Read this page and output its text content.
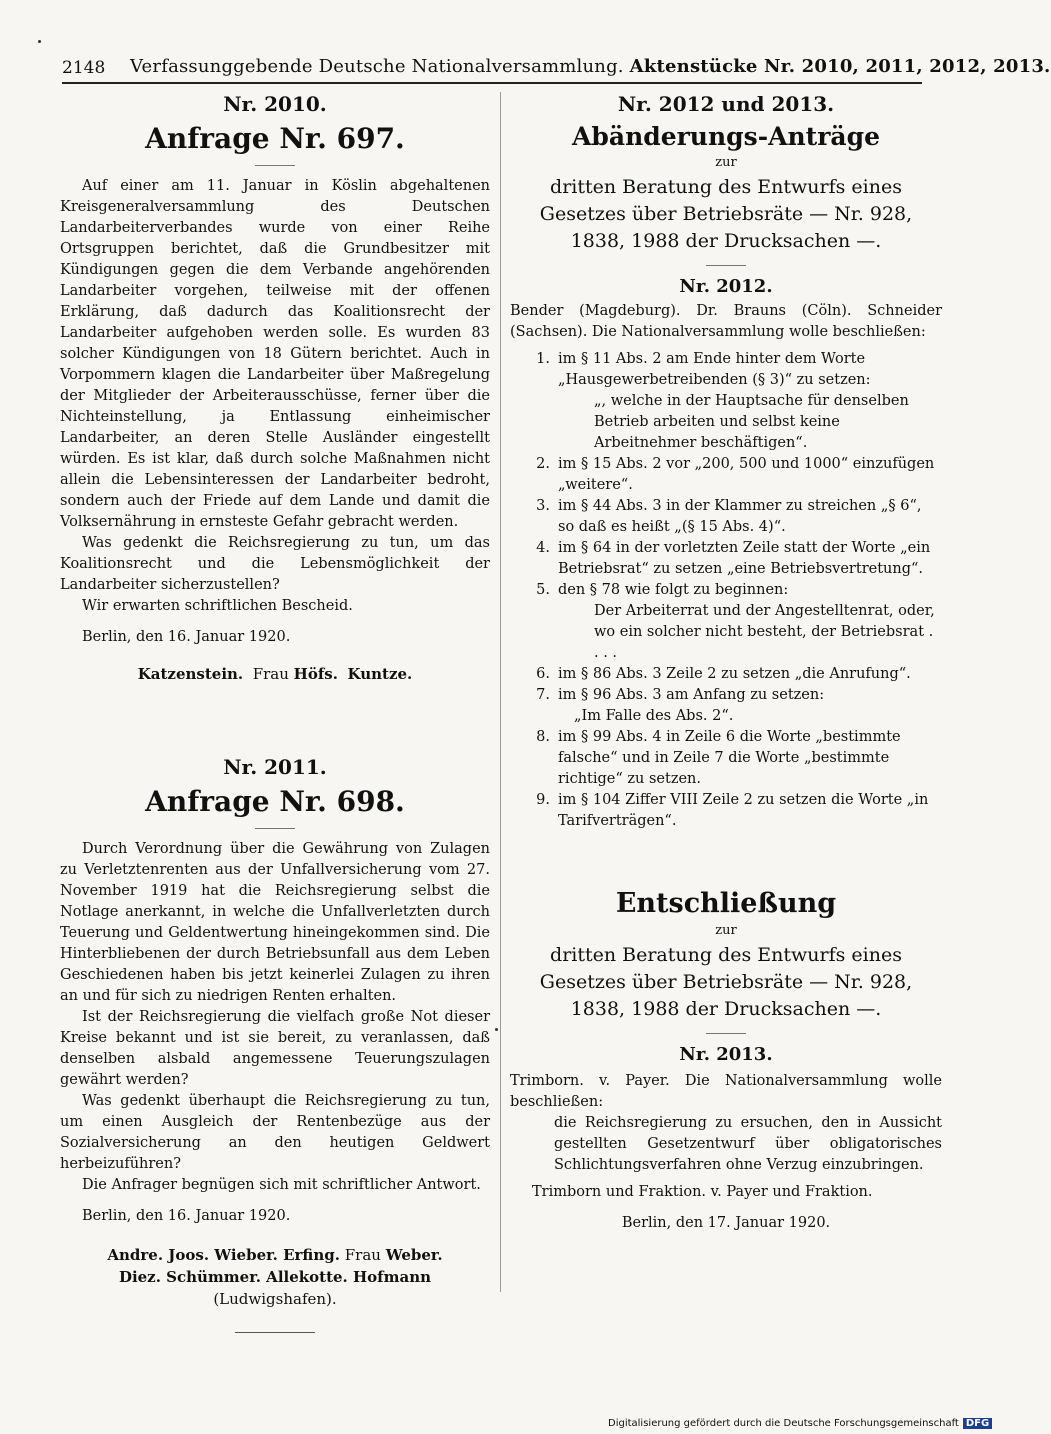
2148 Verfassunggebende Deutsche Nationalversammlung. Aktenstücke Nr. 2010, 2011, 2012, 2013.
Nr. 2010.
Anfrage Nr. 697.

Auf einer am 11. Januar in Köslin abgehaltenen Kreisgeneralversammlung des Deutschen Landarbeiterverbandes wurde von einer Reihe Ortsgruppen berichtet, daß die Grundbesitzer mit Kündigungen gegen die dem Verbande angehörenden Landarbeiter vorgehen, teilweise mit der offenen Erklärung, daß dadurch das Koalitionsrecht der Landarbeiter aufgehoben werden solle. Es wurden 83 solcher Kündigungen von 18 Gütern berichtet. Auch in Vorpommern klagen die Landarbeiter über Maßregelung der Mitglieder der Arbeiterausschüsse, ferner über die Nichteinstellung, ja Entlassung einheimischer Landarbeiter, an deren Stelle Ausländer eingestellt würden. Es ist klar, daß durch solche Maßnahmen nicht allein die Lebensinteressen der Landarbeiter bedroht, sondern auch der Friede auf dem Lande und damit die Volksernährung in ernsteste Gefahr gebracht werden.

Was gedenkt die Reichsregierung zu tun, um das Koalitionsrecht und die Lebensmöglichkeit der Landarbeiter sicherzustellen?

Wir erwarten schriftlichen Bescheid.

Berlin, den 16. Januar 1920.
Katzenstein. Frau Höfs. Kuntze.
Nr. 2011.
Anfrage Nr. 698.

Durch Verordnung über die Gewährung von Zulagen zu Verletztenrenten aus der Unfallversicherung vom 27. November 1919 hat die Reichsregierung selbst die Notlage anerkannt, in welche die Unfallverletzten durch Teuerung und Geldentwertung hineingekommen sind. Die Hinterbliebenen der durch Betriebsunfall aus dem Leben Geschiedenen haben bis jetzt keinerlei Zulagen zu ihren an und für sich zu niedrigen Renten erhalten.

Ist der Reichsregierung die vielfach große Not dieser Kreise bekannt und ist sie bereit, zu veranlassen, daß denselben alsbald angemessene Teuerungszulagen gewährt werden?

Was gedenkt überhaupt die Reichsregierung zu tun, um einen Ausgleich der Rentenbezüge aus der Sozialversicherung an den heutigen Geldwert herbeizuführen?

Die Anfrager begnügen sich mit schriftlicher Antwort.

Berlin, den 16. Januar 1920.
Andre. Joos. Wieber. Erfing. Frau Weber.
Diez. Schümmer. Allekotte. Hofmann
(Ludwigshafen).
Nr. 2012 und 2013.
Abänderungs-Anträge
zur
dritten Beratung des Entwurfs eines Gesetzes über Betriebsräte — Nr. 928, 1838, 1988 der Drucksachen —.
Nr. 2012.
Bender (Magdeburg). Dr. Brauns (Cöln). Schneider (Sachsen). Die Nationalversammlung wolle beschließen:
1. im § 11 Abs. 2 am Ende hinter dem Worte „Hausgewerbetreibenden (§ 3)“ zu setzen:
„, welche in der Hauptsache für denselben Betrieb arbeiten und selbst keine Arbeitnehmer beschäftigen“.
2. im § 15 Abs. 2 vor „200, 500 und 1000“ einzufügen „weitere“.
3. im § 44 Abs. 3 in der Klammer zu streichen „§ 6“, so daß es heißt „(§ 15 Abs. 4)“.
4. im § 64 in der vorletzten Zeile statt der Worte „ein Betriebsrat“ zu setzen „eine Betriebsvertretung“.
5. den § 78 wie folgt zu beginnen:
Der Arbeiterrat und der Angestelltenrat, oder, wo ein solcher nicht besteht, der Betriebsrat . . . .
6. im § 86 Abs. 3 Zeile 2 zu setzen „die Anrufung“.
7. im § 96 Abs. 3 am Anfang zu setzen:
„Im Falle des Abs. 2“.
8. im § 99 Abs. 4 in Zeile 6 die Worte „bestimmte falsche“ und in Zeile 7 die Worte „bestimmte richtige“ zu setzen.
9. im § 104 Ziffer VIII Zeile 2 zu setzen die Worte „in Tarifverträgen“.
Entschließung
zur
dritten Beratung des Entwurfs eines Gesetzes über Betriebsräte — Nr. 928, 1838, 1988 der Drucksachen —.
Nr. 2013.
Trimborn. v. Payer. Die Nationalversammlung wolle beschließen:
die Reichsregierung zu ersuchen, den in Aussicht gestellten Gesetzentwurf über obligatorisches Schlichtungsverfahren ohne Verzug einzubringen.
Trimborn und Fraktion. v. Payer und Fraktion.
Berlin, den 17. Januar 1920.
Digitalisierung gefördert durch die Deutsche Forschungsgemeinschaft DFG
